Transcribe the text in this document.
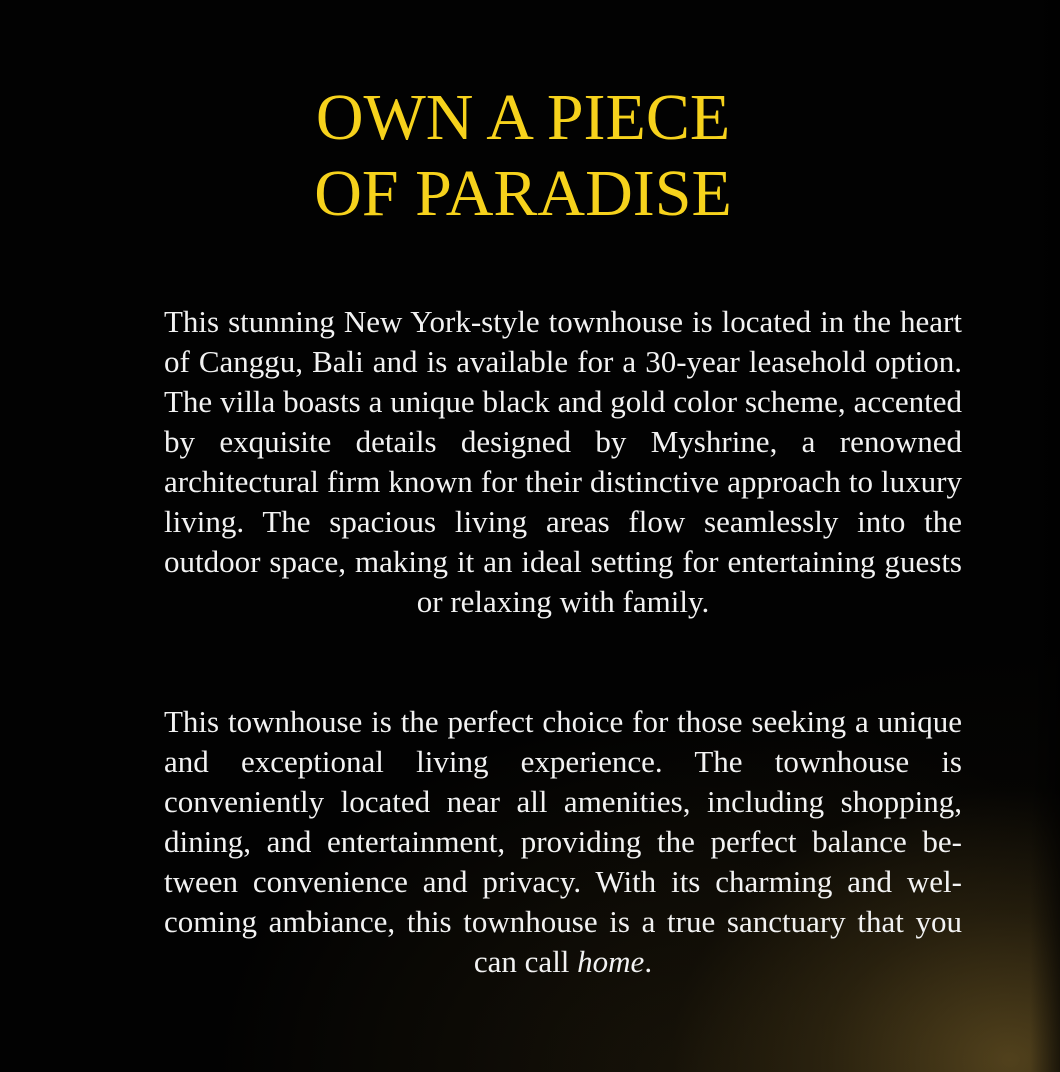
OWN A PIECE
OF PARADISE

This stunning New York-style townhouse is located in the heart of Canggu, Bali and is available for a 30-year leasehold option. The villa boasts a unique black and gold color scheme, accented by exquisite details designed by Myshrine, a renowned architectural firm known for their distinctive approach to luxury living. The spacious living areas flow seamlessly into the outdoor space, making it an ideal setting for entertaining guests or relaxing with family.

This townhouse is the perfect choice for those seeking a unique and exceptional living experience. The townhouse is conveniently located near all amenities, including shopping, dining, and entertainment, providing the perfect balance between convenience and privacy. With its charming and welcoming ambiance, this townhouse is a true sanctuary that you can call home.
